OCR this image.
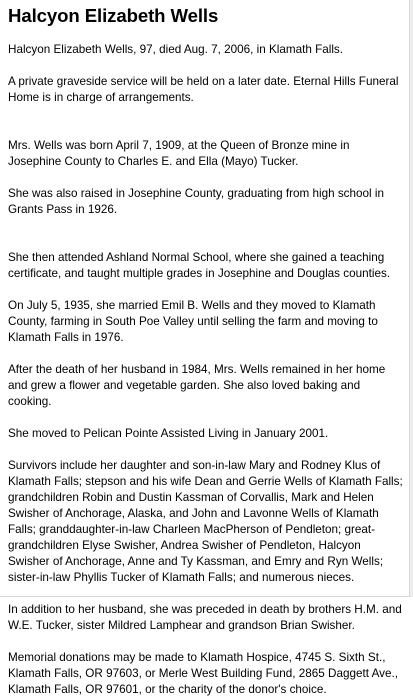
Halcyon Elizabeth Wells

Halcyon Elizabeth Wells, 97, died Aug. 7, 2006, in Klamath Falls.

A private graveside service will be held on a later date. Eternal Hills Funeral Home is in charge of arrangements.

Mrs. Wells was born April 7, 1909, at the Queen of Bronze mine in Josephine County to Charles E. and Ella (Mayo) Tucker.

She was also raised in Josephine County, graduating from high school in Grants Pass in 1926.

She then attended Ashland Normal School, where she gained a teaching certificate, and taught multiple grades in Josephine and Douglas counties.

On July 5, 1935, she married Emil B. Wells and they moved to Klamath County, farming in South Poe Valley until selling the farm and moving to Klamath Falls in 1976.

After the death of her husband in 1984, Mrs. Wells remained in her home and grew a flower and vegetable garden. She also loved baking and cooking.

She moved to Pelican Pointe Assisted Living in January 2001.

Survivors include her daughter and son-in-law Mary and Rodney Klus of Klamath Falls; stepson and his wife Dean and Gerrie Wells of Klamath Falls; grandchildren Robin and Dustin Kassman of Corvallis, Mark and Helen Swisher of Anchorage, Alaska, and John and Lavonne Wells of Klamath Falls; granddaughter-in-law Charleen MacPherson of Pendleton; great-grandchildren Elyse Swisher, Andrea Swisher of Pendleton, Halcyon Swisher of Anchorage, Anne and Ty Kassman, and Emry and Ryn Wells; sister-in-law Phyllis Tucker of Klamath Falls; and numerous nieces.

In addition to her husband, she was preceded in death by brothers H.M. and W.E. Tucker, sister Mildred Lamphear and grandson Brian Swisher.

Memorial donations may be made to Klamath Hospice, 4745 S. Sixth St., Klamath Falls, OR 97603, or Merle West Building Fund, 2865 Daggett Ave., Klamath Falls, OR 97601, or the charity of the donor's choice.
